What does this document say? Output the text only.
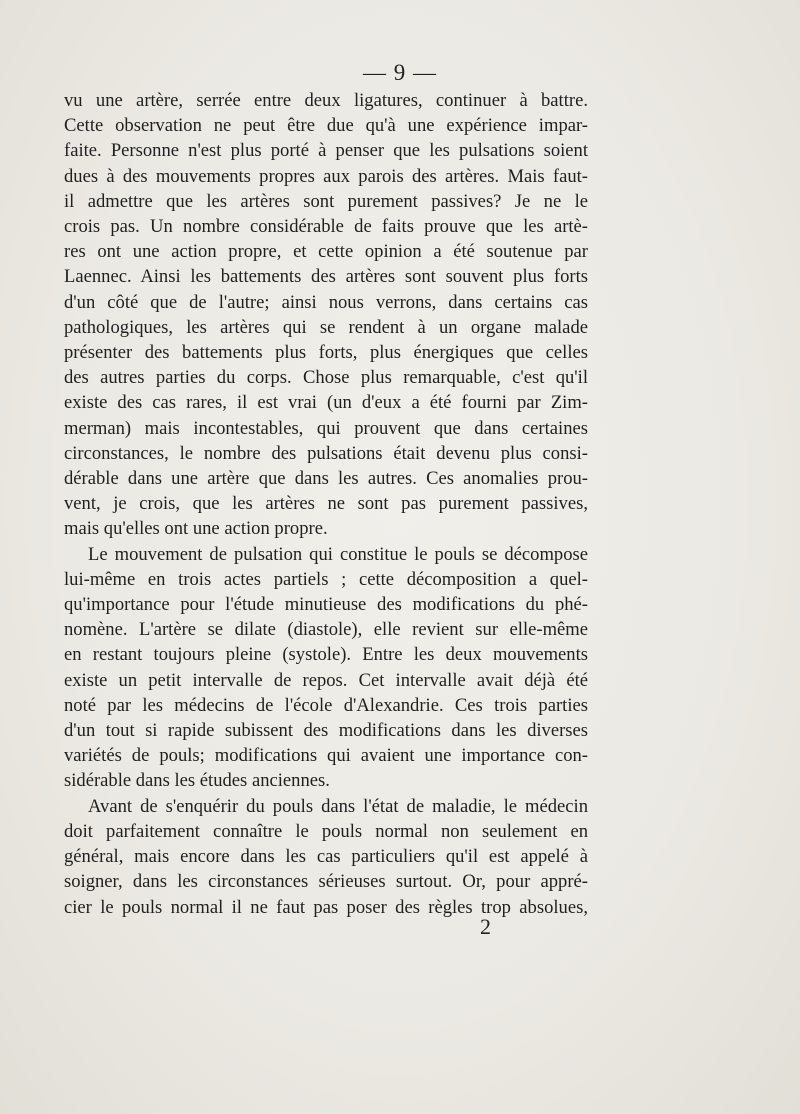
— 9 —
vu une artère, serrée entre deux ligatures, continuer à battre.
Cette observation ne peut être due qu'à une expérience impar-
faite. Personne n'est plus porté à penser que les pulsations soient
dues à des mouvements propres aux parois des artères. Mais faut-
il admettre que les artères sont purement passives? Je ne le
crois pas. Un nombre considérable de faits prouve que les artè-
res ont une action propre, et cette opinion a été soutenue par
Laennec. Ainsi les battements des artères sont souvent plus forts
d'un côté que de l'autre; ainsi nous verrons, dans certains cas
pathologiques, les artères qui se rendent à un organe malade
présenter des battements plus forts, plus énergiques que celles
des autres parties du corps. Chose plus remarquable, c'est qu'il
existe des cas rares, il est vrai (un d'eux a été fourni par Zim-
merman) mais incontestables, qui prouvent que dans certaines
circonstances, le nombre des pulsations était devenu plus consi-
dérable dans une artère que dans les autres. Ces anomalies prou-
vent, je crois, que les artères ne sont pas purement passives,
mais qu'elles ont une action propre.
Le mouvement de pulsation qui constitue le pouls se décompose
lui-même en trois actes partiels ; cette décomposition a quel-
qu'importance pour l'étude minutieuse des modifications du phé-
nomène. L'artère se dilate (diastole), elle revient sur elle-même
en restant toujours pleine (systole). Entre les deux mouvements
existe un petit intervalle de repos. Cet intervalle avait déjà été
noté par les médecins de l'école d'Alexandrie. Ces trois parties
d'un tout si rapide subissent des modifications dans les diverses
variétés de pouls; modifications qui avaient une importance con-
sidérable dans les études anciennes.
Avant de s'enquérir du pouls dans l'état de maladie, le médecin
doit parfaitement connaître le pouls normal non seulement en
général, mais encore dans les cas particuliers qu'il est appelé à
soigner, dans les circonstances sérieuses surtout. Or, pour appré-
cier le pouls normal il ne faut pas poser des règles trop absolues,
2
